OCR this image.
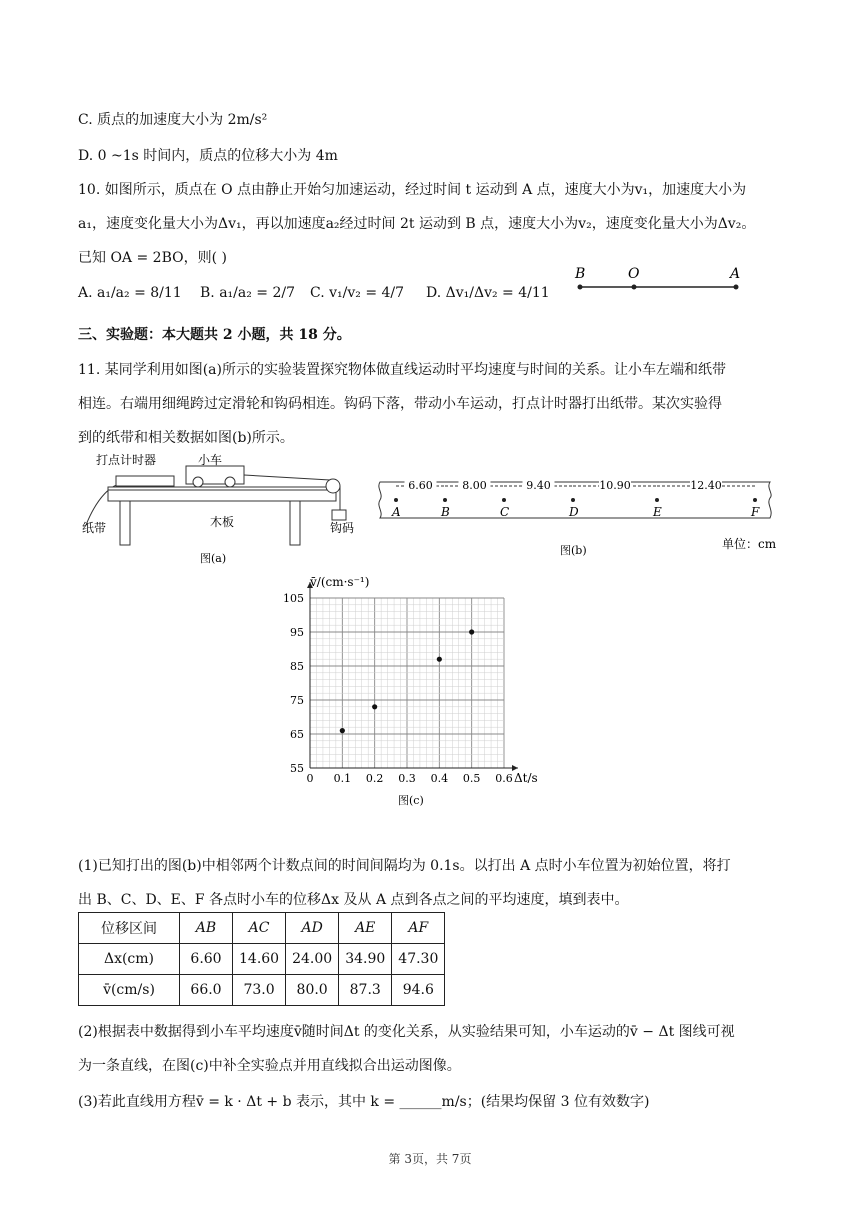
C. 质点的加速度大小为 2m/s²
D. 0 ~1s 时间内，质点的位移大小为 4m
10. 如图所示，质点在 O 点由静止开始匀加速运动，经过时间 t 运动到 A 点，速度大小为v₁，加速度大小为
a₁，速度变化量大小为Δv₁，再以加速度a₂经过时间 2t 运动到 B 点，速度大小为v₂，速度变化量大小为Δv₂。
已知 OA = 2BO，则( )
A. a₁/a₂ = 8/11 B. a₁/a₂ = 2/7 C. v₁/v₂ = 4/7 D. Δv₁/Δv₂ = 4/11
B	O	A
三、实验题：本大题共 2 小题，共 18 分。
11. 某同学利用如图(a)所示的实验装置探究物体做直线运动时平均速度与时间的关系。让小车左端和纸带
相连。右端用细绳跨过定滑轮和钩码相连。钩码下落，带动小车运动，打点计时器打出纸带。某次实验得
到的纸带和相关数据如图(b)所示。
打点计时器	小车
纸带	木板	钩码
图(a)
A	B	C	D	E	F
6.60	8.00	9.40	10.90	12.40
图(b)	单位：cm
0 0.1 0.2 0.3 0.4 0.5 0.6
55
65
75
85
95
105
v̄/(cm·s⁻¹)
Δt/s
图(c)
(1)已知打出的图(b)中相邻两个计数点间的时间间隔均为 0.1s。以打出 A 点时小车位置为初始位置，将打
出 B、C、D、E、F 各点时小车的位移Δx 及从 A 点到各点之间的平均速度，填到表中。
位移区间	AB	AC	AD	AE	AF
Δx(cm)	6.60	14.60	24.00	34.90	47.30
v̄(cm/s)	66.0	73.0	80.0	87.3	94.6
(2)根据表中数据得到小车平均速度v̄随时间Δt 的变化关系，从实验结果可知，小车运动的v̄ − Δt 图线可视
为一条直线，在图(c)中补全实验点并用直线拟合出运动图像。
(3)若此直线用方程v̄ = k · Δt + b 表示，其中 k = ______m/s；(结果均保留 3 位有效数字)
第 3页，共 7页
